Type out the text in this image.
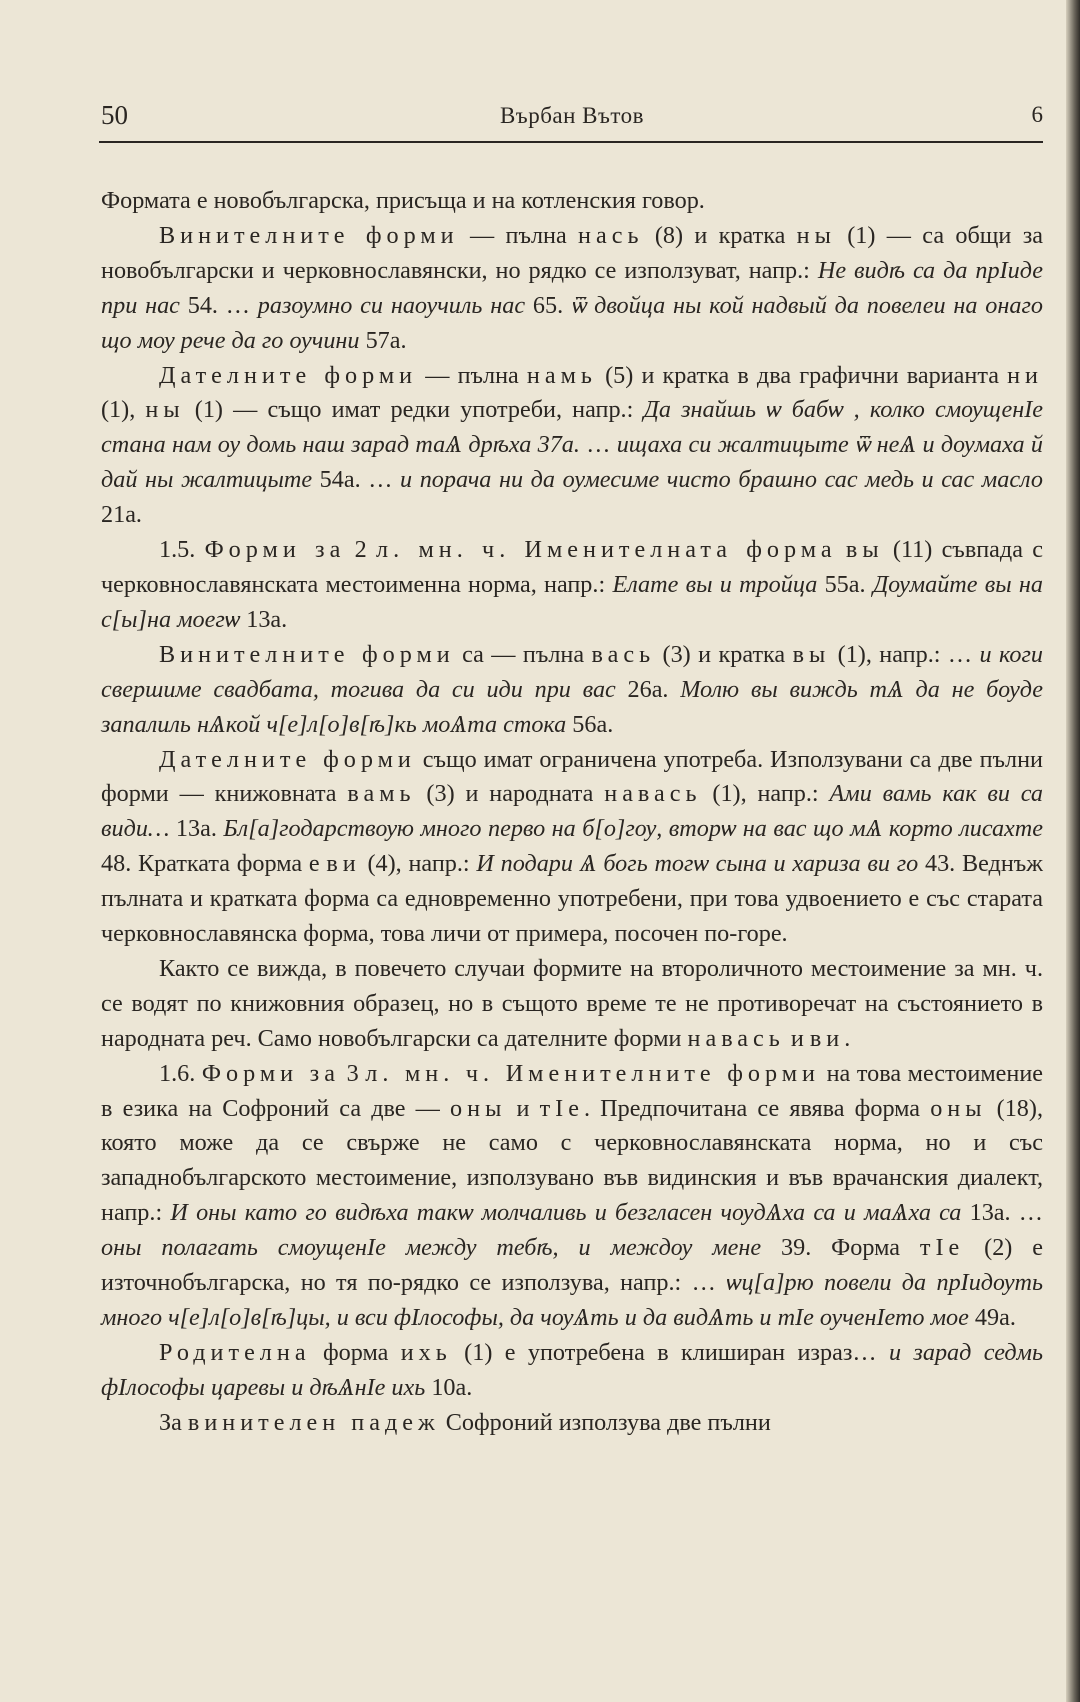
50	Върбан Вътов	6

Формата е новобългарска, присъща и на котленския говор.

Винителните форми — пълна нась (8) и кратка ны (1) — са общи за новобългарски и черковнославянски, но рядко се използуват, напр.: Не видѣ са да прІиде при нас 54. … разѹмно си наоучиль нас 65. ѿ двойца ны кой надвый да повелеи на онаго що мѹ рече да го оучини 57а.

Дателните форми — пълна намь (5) и кратка в два графични варианта ни (1), ны (1) — също имат редки употреби, напр.: Да знайшь ѡ бабѡ , колко смѹщенІе стана нам оу домь наш зарад таѦ дрѣха 37а. … ищаха си жалтицыте ѿ неѦ и дѹмаха й дай ны жалтицыте 54а. … и порача ни да оумесиме чисто брашно сас медь и сас масло 21а.

1.5. Форми за 2 л. мн. ч. Именителната форма вы (11) съвпада с черковнославянската местоименна норма, напр.: Елате вы и тройца 55а. Дѹмайте вы на с[ы]на моегѡ 13а.

Винителните форми са — пълна вась (3) и кратка вы (1), напр.: … и коги свершиме свадбата, тогива да си иди при вас 26а. Молю вы виждь тѦ да не бѹде запалиль нѦкой ч[е]л[о]в[ѣ]кь моѦта стока 56а.

Дателните форми също имат ограничена употреба. Използувани са две пълни форми — книжовната вамь (3) и народната навась (1), напр.: Ами вамь как ви са види… 13а. Бл[а]годарствѹю много перво на б[о]гѹ, вторѡ на вас що мѦ корто лисахте 48. Кратката форма е ви (4), напр.: И подари Ѧ богь тогѡ сына и хариза ви го 43. Веднъж пълната и кратката форма са едновременно употребени, при това удвоението е със старата черковнославянска форма, това личи от примера, посочен по-горе.

Както се вижда, в повечето случаи формите на второличното местоимение за мн. ч. се водят по книжовния образец, но в същото време те не противоречат на състоянието в народната реч. Само новобългарски са дателните форми навась и ви.

1.6. Форми за 3 л. мн. ч. Именителните форми на това местоимение в езика на Софроний са две — оны и тІе. Предпочитана се явява форма оны (18), която може да се свърже не само с черковнославянската норма, но и със западнобългарското местоимение, използувано във видинския и във врачанския диалект, напр.: И оны като го видѣха такѡ молчаливь и безгласен чѹдѦха са и маѦха са 13а. … оны полагать смѹщенІе между тебѣ, и междѹ мене 39. Форма тІе (2) е източнобългарска, но тя по-рядко се използува, напр.: … ѡц[а]рю повели да прІидѹть много ч[е]л[о]в[ѣ]цы, и вси фІлософы, да чѹѦть и да видѦть и тІе оученІето мое 49а.

Родителна форма ихь (1) е употребена в клиширан израз… и зарад седмь фІлософы царевы и дѣѦнІе ихь 10а.

За винителен падеж Софроний използува две пълни
